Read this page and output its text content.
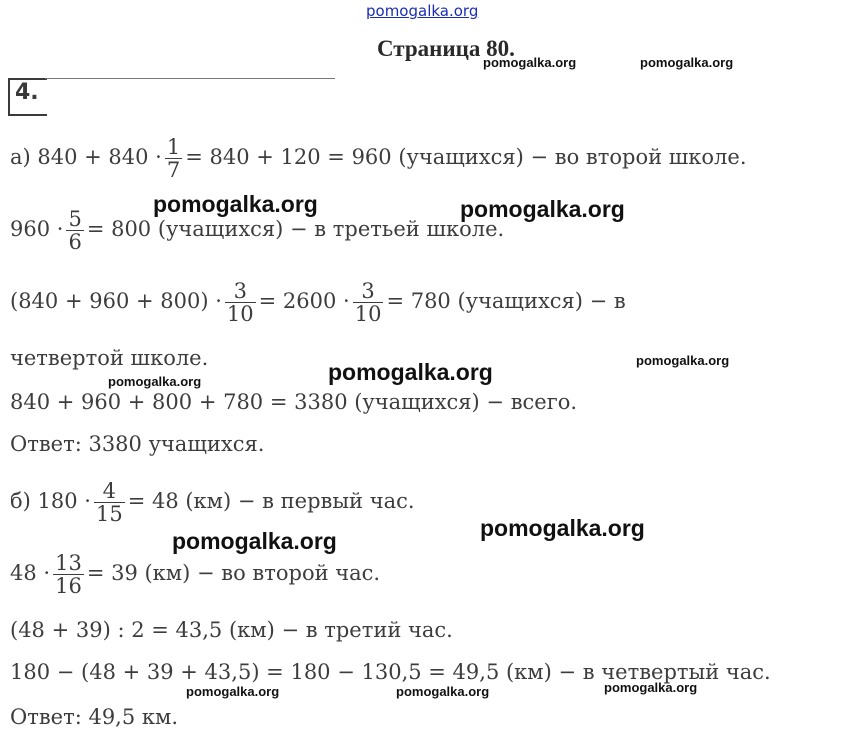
pomogalka.org
Страница 80.
4.
а) $840 + 840 \cdot \frac{1}{7} = 840 + 120 = 960$ (учащихся) − во второй школе.
$960 \cdot \frac{5}{6} = 800$ (учащихся) − в третьей школе.
$(840 + 960 + 800) \cdot \frac{3}{10} = 2600 \cdot \frac{3}{10} = 780$ (учащихся) − в
четвертой школе.
840 + 960 + 800 + 780 = 3380 (учащихся) − всего.
Ответ: 3380 учащихся.
б) $180 \cdot \frac{4}{15} = 48$ (км) − в первый час.
$48 \cdot \frac{13}{16} = 39$ (км) − во второй час.
(48 + 39) : 2 = 43,5 (км) − в третий час.
180 − (48 + 39 + 43,5) = 180 − 130,5 = 49,5 (км) − в четвертый час.
Ответ: 49,5 км.
pomogalka.org	pomogalka.org
pomogalka.org	pomogalka.org
pomogalka.org
pomogalka.org	pomogalka.org
pomogalka.org
pomogalka.org
pomogalka.org	pomogalka.org	pomogalka.org
